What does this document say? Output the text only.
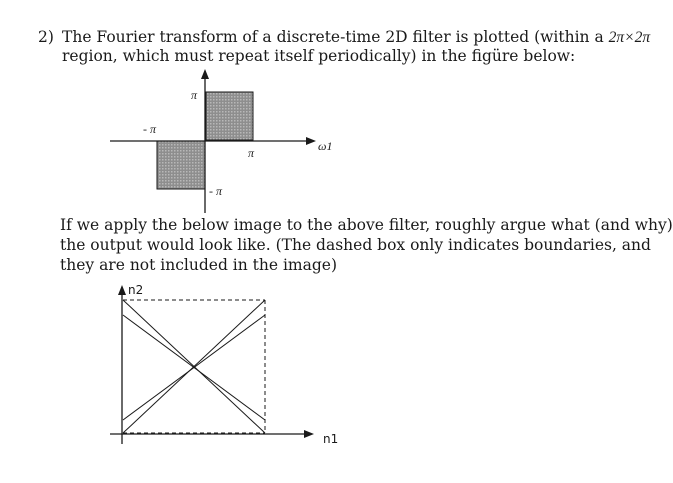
2) The Fourier transform of a discrete-time 2D filter is plotted (within a 2π×2π
region, which must repeat itself periodically) in the figüre below:
π
- π
π
- π
ω1
n2
n1
If we apply the below image to the above filter, roughly argue what (and why)
the output would look like. (The dashed box only indicates boundaries, and
they are not included in the image)
